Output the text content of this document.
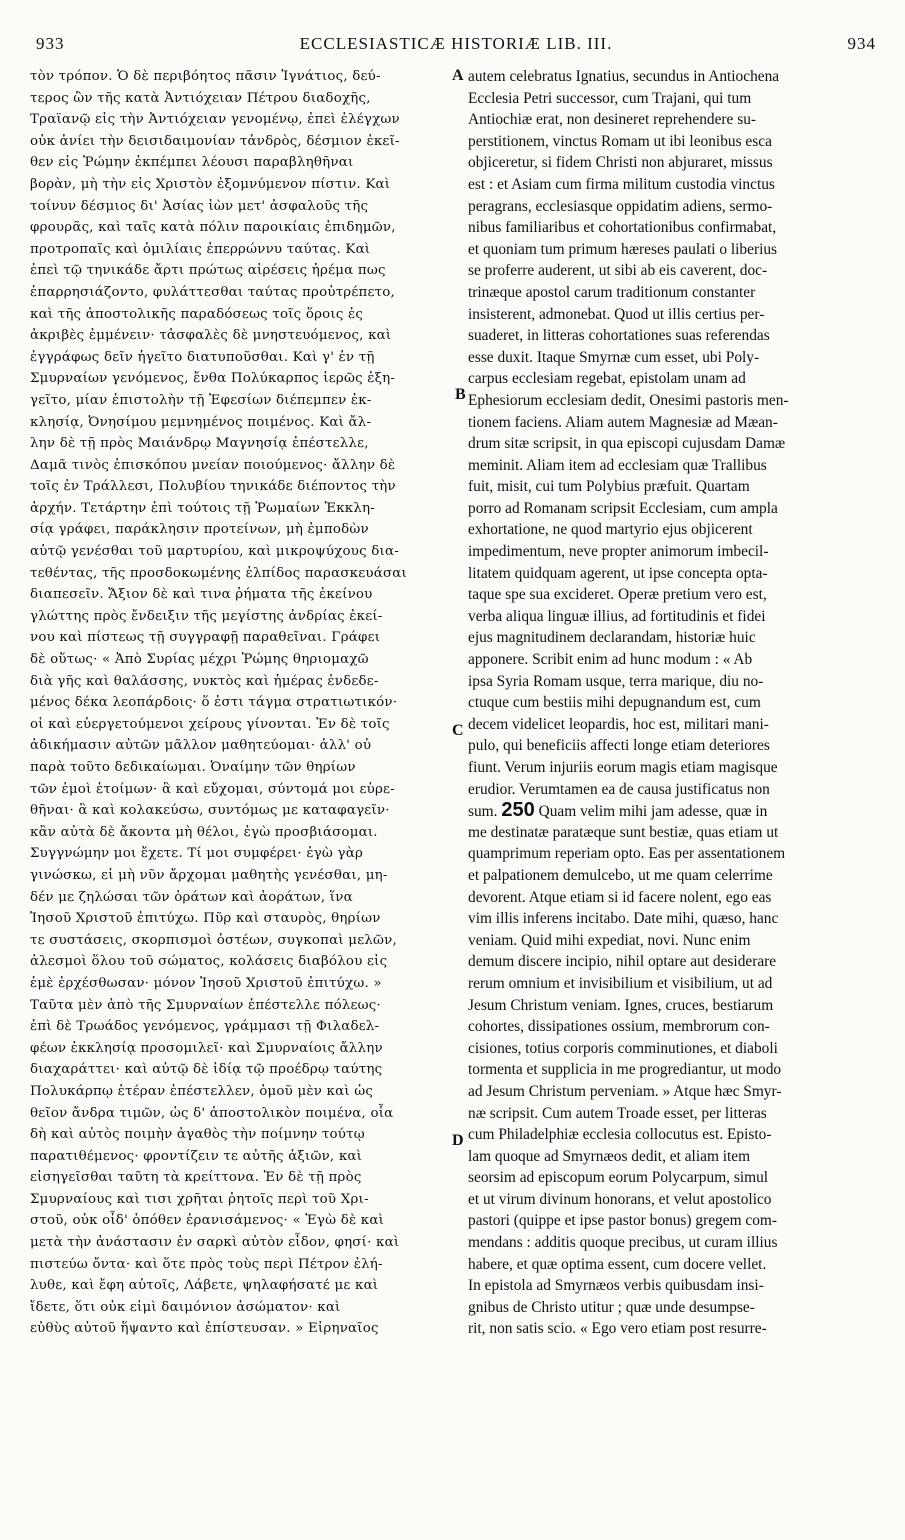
933	ECCLESIASTICÆ HISTORIÆ LIB. III.	934
τὸν τρόπον. Ὁ δὲ περιβόητος πᾶσιν Ἰγνάτιος, δεύ-
τερος ὢν τῆς κατὰ Ἀντιόχειαν Πέτρου διαδοχῆς,
Τραϊανῷ εἰς τὴν Ἀντιόχειαν γενομένῳ, ἐπεὶ ἐλέγχων
οὐκ ἀνίει τὴν δεισιδαιμονίαν τἀνδρὸς, δέσμιον ἐκεῖ-
θεν εἰς Ῥώμην ἐκπέμπει λέουσι παραβληθῆναι
βορὰν, μὴ τὴν εἰς Χριστὸν ἐξομνύμενον πίστιν. Καὶ
τοίνυν δέσμιος δι' Ἀσίας ἰὼν μετ' ἀσφαλοῦς τῆς
φρουρᾶς, καὶ ταῖς κατὰ πόλιν παροικίαις ἐπιδημῶν,
προτροπαῖς καὶ ὁμιλίαις ἐπερρώννυ ταύτας. Καὶ
ἐπεὶ τῷ τηνικάδε ἄρτι πρώτως αἱρέσεις ἠρέμα πως
ἐπαρρησιάζοντο, φυλάττεσθαι ταύτας προὐτρέπετο,
καὶ τῆς ἀποστολικῆς παραδόσεως τοῖς ὅροις ἐς
ἀκριβὲς ἐμμένειν· τἀσφαλὲς δὲ μνηστευόμενος, καὶ
ἐγγράφως δεῖν ἡγεῖτο διατυποῦσθαι. Καὶ γ' ἐν τῇ
Σμυρναίων γενόμενος, ἔνθα Πολύκαρπος ἱερῶς ἐξη-
γεῖτο, μίαν ἐπιστολὴν τῇ Ἐφεσίων διέπεμπεν ἐκ-
κλησίᾳ, Ὀνησίμου μεμνημένος ποιμένος. Καὶ ἄλ-
λην δὲ τῇ πρὸς Μαιάνδρῳ Μαγνησίᾳ ἐπέστελλε,
Δαμᾶ τινὸς ἐπισκόπου μνείαν ποιούμενος· ἄλλην δὲ
τοῖς ἐν Τράλλεσι, Πολυβίου τηνικάδε διέποντος τὴν
ἀρχήν. Τετάρτην ἐπὶ τούτοις τῇ Ῥωμαίων Ἐκκλη-
σίᾳ γράφει, παράκλησιν προτείνων, μὴ ἐμποδὼν
αὐτῷ γενέσθαι τοῦ μαρτυρίου, καὶ μικροψύχους δια-
τεθέντας, τῆς προσδοκωμένης ἐλπίδος παρασκευάσαι
διαπεσεῖν. Ἄξιον δὲ καὶ τινα ῥήματα τῆς ἐκείνου
γλώττης πρὸς ἔνδειξιν τῆς μεγίστης ἀνδρίας ἐκεί-
νου καὶ πίστεως τῇ συγγραφῇ παραθεῖναι. Γράφει
δὲ οὕτως· « Ἀπὸ Συρίας μέχρι Ῥώμης θηριομαχῶ
διὰ γῆς καὶ θαλάσσης, νυκτὸς καὶ ἡμέρας ἐνδεδε-
μένος δέκα λεοπάρδοις· ὅ ἐστι τάγμα στρατιωτικόν·
οἱ καὶ εὐεργετούμενοι χείρους γίνονται. Ἐν δὲ τοῖς
ἀδικήμασιν αὐτῶν μᾶλλον μαθητεύομαι· ἀλλ' οὐ
παρὰ τοῦτο δεδικαίωμαι. Ὀναίμην τῶν θηρίων
τῶν ἐμοὶ ἑτοίμων· ἃ καὶ εὔχομαι, σύντομά μοι εὑρε-
θῆναι· ἃ καὶ κολακεύσω, συντόμως με καταφαγεῖν·
κἂν αὐτὰ δὲ ἄκοντα μὴ θέλοι, ἐγὼ προσβιάσομαι.
Συγγνώμην μοι ἔχετε. Τί μοι συμφέρει· ἐγὼ γὰρ
γινώσκω, εἰ μὴ νῦν ἄρχομαι μαθητὴς γενέσθαι, μη-
δέν με ζηλώσαι τῶν ὁράτων καὶ ἀοράτων, ἵνα
Ἰησοῦ Χριστοῦ ἐπιτύχω. Πῦρ καὶ σταυρὸς, θηρίων
τε συστάσεις, σκορπισμοὶ ὀστέων, συγκοπαὶ μελῶν,
ἀλεσμοὶ ὅλου τοῦ σώματος, κολάσεις διαβόλου εἰς
ἐμὲ ἐρχέσθωσαν· μόνον Ἰησοῦ Χριστοῦ ἐπιτύχω. »
Ταῦτα μὲν ἀπὸ τῆς Σμυρναίων ἐπέστελλε πόλεως·
ἐπὶ δὲ Τρωάδος γενόμενος, γράμμασι τῇ Φιλαδελ-
φέων ἐκκλησίᾳ προσομιλεῖ· καὶ Σμυρναίοις ἄλλην
διαχαράττει· καὶ αὐτῷ δὲ ἰδίᾳ τῷ προέδρῳ ταύτης
Πολυκάρπῳ ἑτέραν ἐπέστελλεν, ὁμοῦ μὲν καὶ ὡς
θεῖον ἄνδρα τιμῶν, ὡς δ' ἀποστολικὸν ποιμένα, οἷα
δὴ καὶ αὐτὸς ποιμὴν ἀγαθὸς τὴν ποίμνην τούτῳ
παρατιθέμενος· φροντίζειν τε αὐτῆς ἀξιῶν, καὶ
εἰσηγεῖσθαι ταῦτη τὰ κρείττονα. Ἐν δὲ τῇ πρὸς
Σμυρναίους καὶ τισι χρῆται ῥητοῖς περὶ τοῦ Χρι-
στοῦ, οὐκ οἶδ' ὁπόθεν ἐρανισάμενος· « Ἐγὼ δὲ καὶ
μετὰ τὴν ἀνάστασιν ἐν σαρκὶ αὐτὸν εἶδον, φησί· καὶ
πιστεύω ὄντα· καὶ ὅτε πρὸς τοὺς περὶ Πέτρον ἐλή-
λυθε, καὶ ἔφη αὐτοῖς, Λάβετε, ψηλαφήσατέ με καὶ
ἴδετε, ὅτι οὐκ εἰμὶ δαιμόνιον ἀσώματον· καὶ
εὐθὺς αὐτοῦ ἥψαντο καὶ ἐπίστευσαν. » Εἰρηναῖος
autem celebratus Ignatius, secundus in Antiochena
Ecclesia Petri successor, cum Trajani, qui tum
Antiochiæ erat, non desineret reprehendere su-
perstitionem, vinctus Romam ut ibi leonibus esca
objiceretur, si fidem Christi non abjuraret, missus
est : et Asiam cum firma militum custodia vinctus
peragrans, ecclesiasque oppidatim adiens, sermo-
nibus familiaribus et cohortationibus confirmabat,
et quoniam tum primum hæreses paulati o liberius
se proferre auderent, ut sibi ab eis caverent, doc-
trinæque apostol carum traditionum constanter
insisterent, admonebat. Quod ut illis certius per-
suaderet, in litteras cohortationes suas referendas
esse duxit. Itaque Smyrnæ cum esset, ubi Poly-
carpus ecclesiam regebat, epistolam unam ad
Ephesiorum ecclesiam dedit, Onesimi pastoris men-
tionem faciens. Aliam autem Magnesiæ ad Mæan-
drum sitæ scripsit, in qua episcopi cujusdam Damæ
meminit. Aliam item ad ecclesiam quæ Trallibus
fuit, misit, cui tum Polybius præfuit. Quartam
porro ad Romanam scripsit Ecclesiam, cum ampla
exhortatione, ne quod martyrio ejus objicerent
impedimentum, neve propter animorum imbecil-
litatem quidquam agerent, ut ipse concepta opta-
taque spe sua excideret. Operæ pretium vero est,
verba aliqua linguæ illius, ad fortitudinis et fidei
ejus magnitudinem declarandam, historiæ huic
apponere. Scribit enim ad hunc modum : « Ab
ipsa Syria Romam usque, terra marique, diu no-
ctuque cum bestiis mihi depugnandum est, cum
decem videlicet leopardis, hoc est, militari mani-
pulo, qui beneficiis affecti longe etiam deteriores
fiunt. Verum injuriis eorum magis etiam magisque
erudior. Verumtamen ea de causa justificatus non
sum. 250 Quam velim mihi jam adesse, quæ in
me destinatæ paratæque sunt bestiæ, quas etiam ut
quamprimum reperiam opto. Eas per assentationem
et palpationem demulcebo, ut me quam celerrime
devorent. Atque etiam si id facere nolent, ego eas
vim illis inferens incitabo. Date mihi, quæso, hanc
veniam. Quid mihi expediat, novi. Nunc enim
demum discere incipio, nihil optare aut desiderare
rerum omnium et invisibilium et visibilium, ut ad
Jesum Christum veniam. Ignes, cruces, bestiarum
cohortes, dissipationes ossium, membrorum con-
cisiones, totius corporis comminutiones, et diaboli
tormenta et supplicia in me progrediantur, ut modo
ad Jesum Christum perveniam. » Atque hæc Smyr-
næ scripsit. Cum autem Troade esset, per litteras
cum Philadelphiæ ecclesia collocutus est. Episto-
lam quoque ad Smyrnæos dedit, et aliam item
seorsim ad episcopum eorum Polycarpum, simul
et ut virum divinum honorans, et velut apostolico
pastori (quippe et ipse pastor bonus) gregem com-
mendans : additis quoque precibus, ut curam illius
habere, et quæ optima essent, cum docere vellet.
In epistola ad Smyrnæos verbis quibusdam insi-
gnibus de Christo utitur ; quæ unde desumpse-
rit, non satis scio. « Ego vero etiam post resurre-
A
B
C
D
